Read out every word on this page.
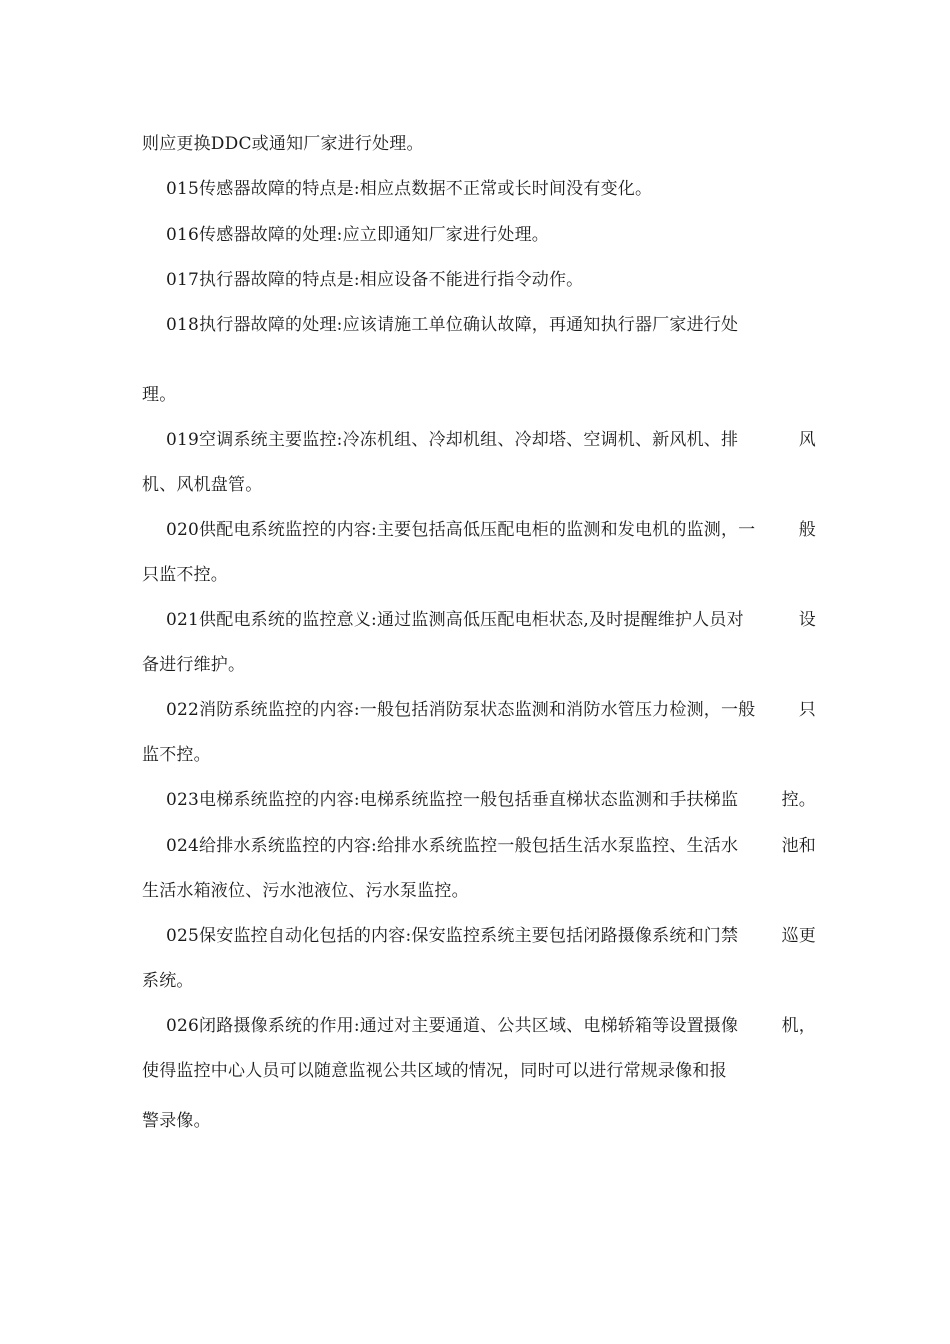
则应更换DDC或通知厂家进行处理。

015传感器故障的特点是:相应点数据不正常或长时间没有变化。

016传感器故障的处理:应立即通知厂家进行处理。

017执行器故障的特点是:相应设备不能进行指令动作。

018执行器故障的处理:应该请施工单位确认故障，再通知执行器厂家进行处

理。

019空调系统主要监控:冷冻机组、冷却机组、冷却塔、空调机、新风机、排	风

机、风机盘管。

020供配电系统监控的内容:主要包括高低压配电柜的监测和发电机的监测，一	般

只监不控。

021供配电系统的监控意义:通过监测高低压配电柜状态,及时提醒维护人员对	设

备进行维护。

022消防系统监控的内容:一般包括消防泵状态监测和消防水管压力检测，一般	只

监不控。

023电梯系统监控的内容:电梯系统监控一般包括垂直梯状态监测和手扶梯监	控。
024给排水系统监控的内容:给排水系统监控一般包括生活水泵监控、生活水	池和

生活水箱液位、污水池液位、污水泵监控。

025保安监控自动化包括的内容:保安监控系统主要包括闭路摄像系统和门禁	巡更

系统。

026闭路摄像系统的作用:通过对主要通道、公共区域、电梯轿箱等设置摄像	机，

使得监控中心人员可以随意监视公共区域的情况，同时可以进行常规录像和报

警录像。
